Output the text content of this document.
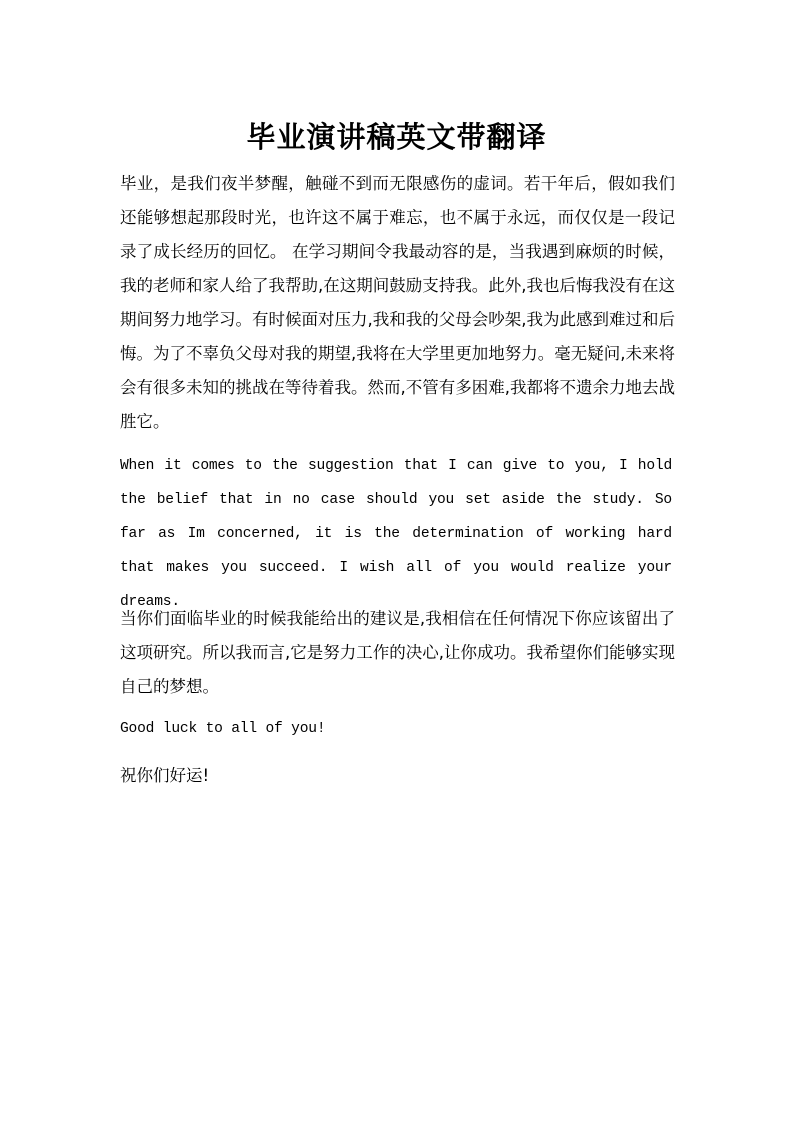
毕业演讲稿英文带翻译

毕业，是我们夜半梦醒，触碰不到而无限感伤的虚词。若干年后，假如我们还能够想起那段时光，也许这不属于难忘，也不属于永远，而仅仅是一段记录了成长经历的回忆。 在学习期间令我最动容的是，当我遇到麻烦的时候，我的老师和家人给了我帮助,在这期间鼓励支持我。此外,我也后悔我没有在这期间努力地学习。有时候面对压力,我和我的父母会吵架,我为此感到难过和后悔。为了不辜负父母对我的期望,我将在大学里更加地努力。毫无疑问,未来将会有很多未知的挑战在等待着我。然而,不管有多困难,我都将不遗余力地去战胜它。

When it comes to the suggestion that I can give to you, I hold the belief that in no case should you set aside the study. So far as Im concerned, it is the determination of working hard that makes you succeed. I wish all of you would realize your dreams.

当你们面临毕业的时候我能给出的建议是,我相信在任何情况下你应该留出了这项研究。所以我而言,它是努力工作的决心,让你成功。我希望你们能够实现自己的梦想。

Good luck to all of you!

祝你们好运!
